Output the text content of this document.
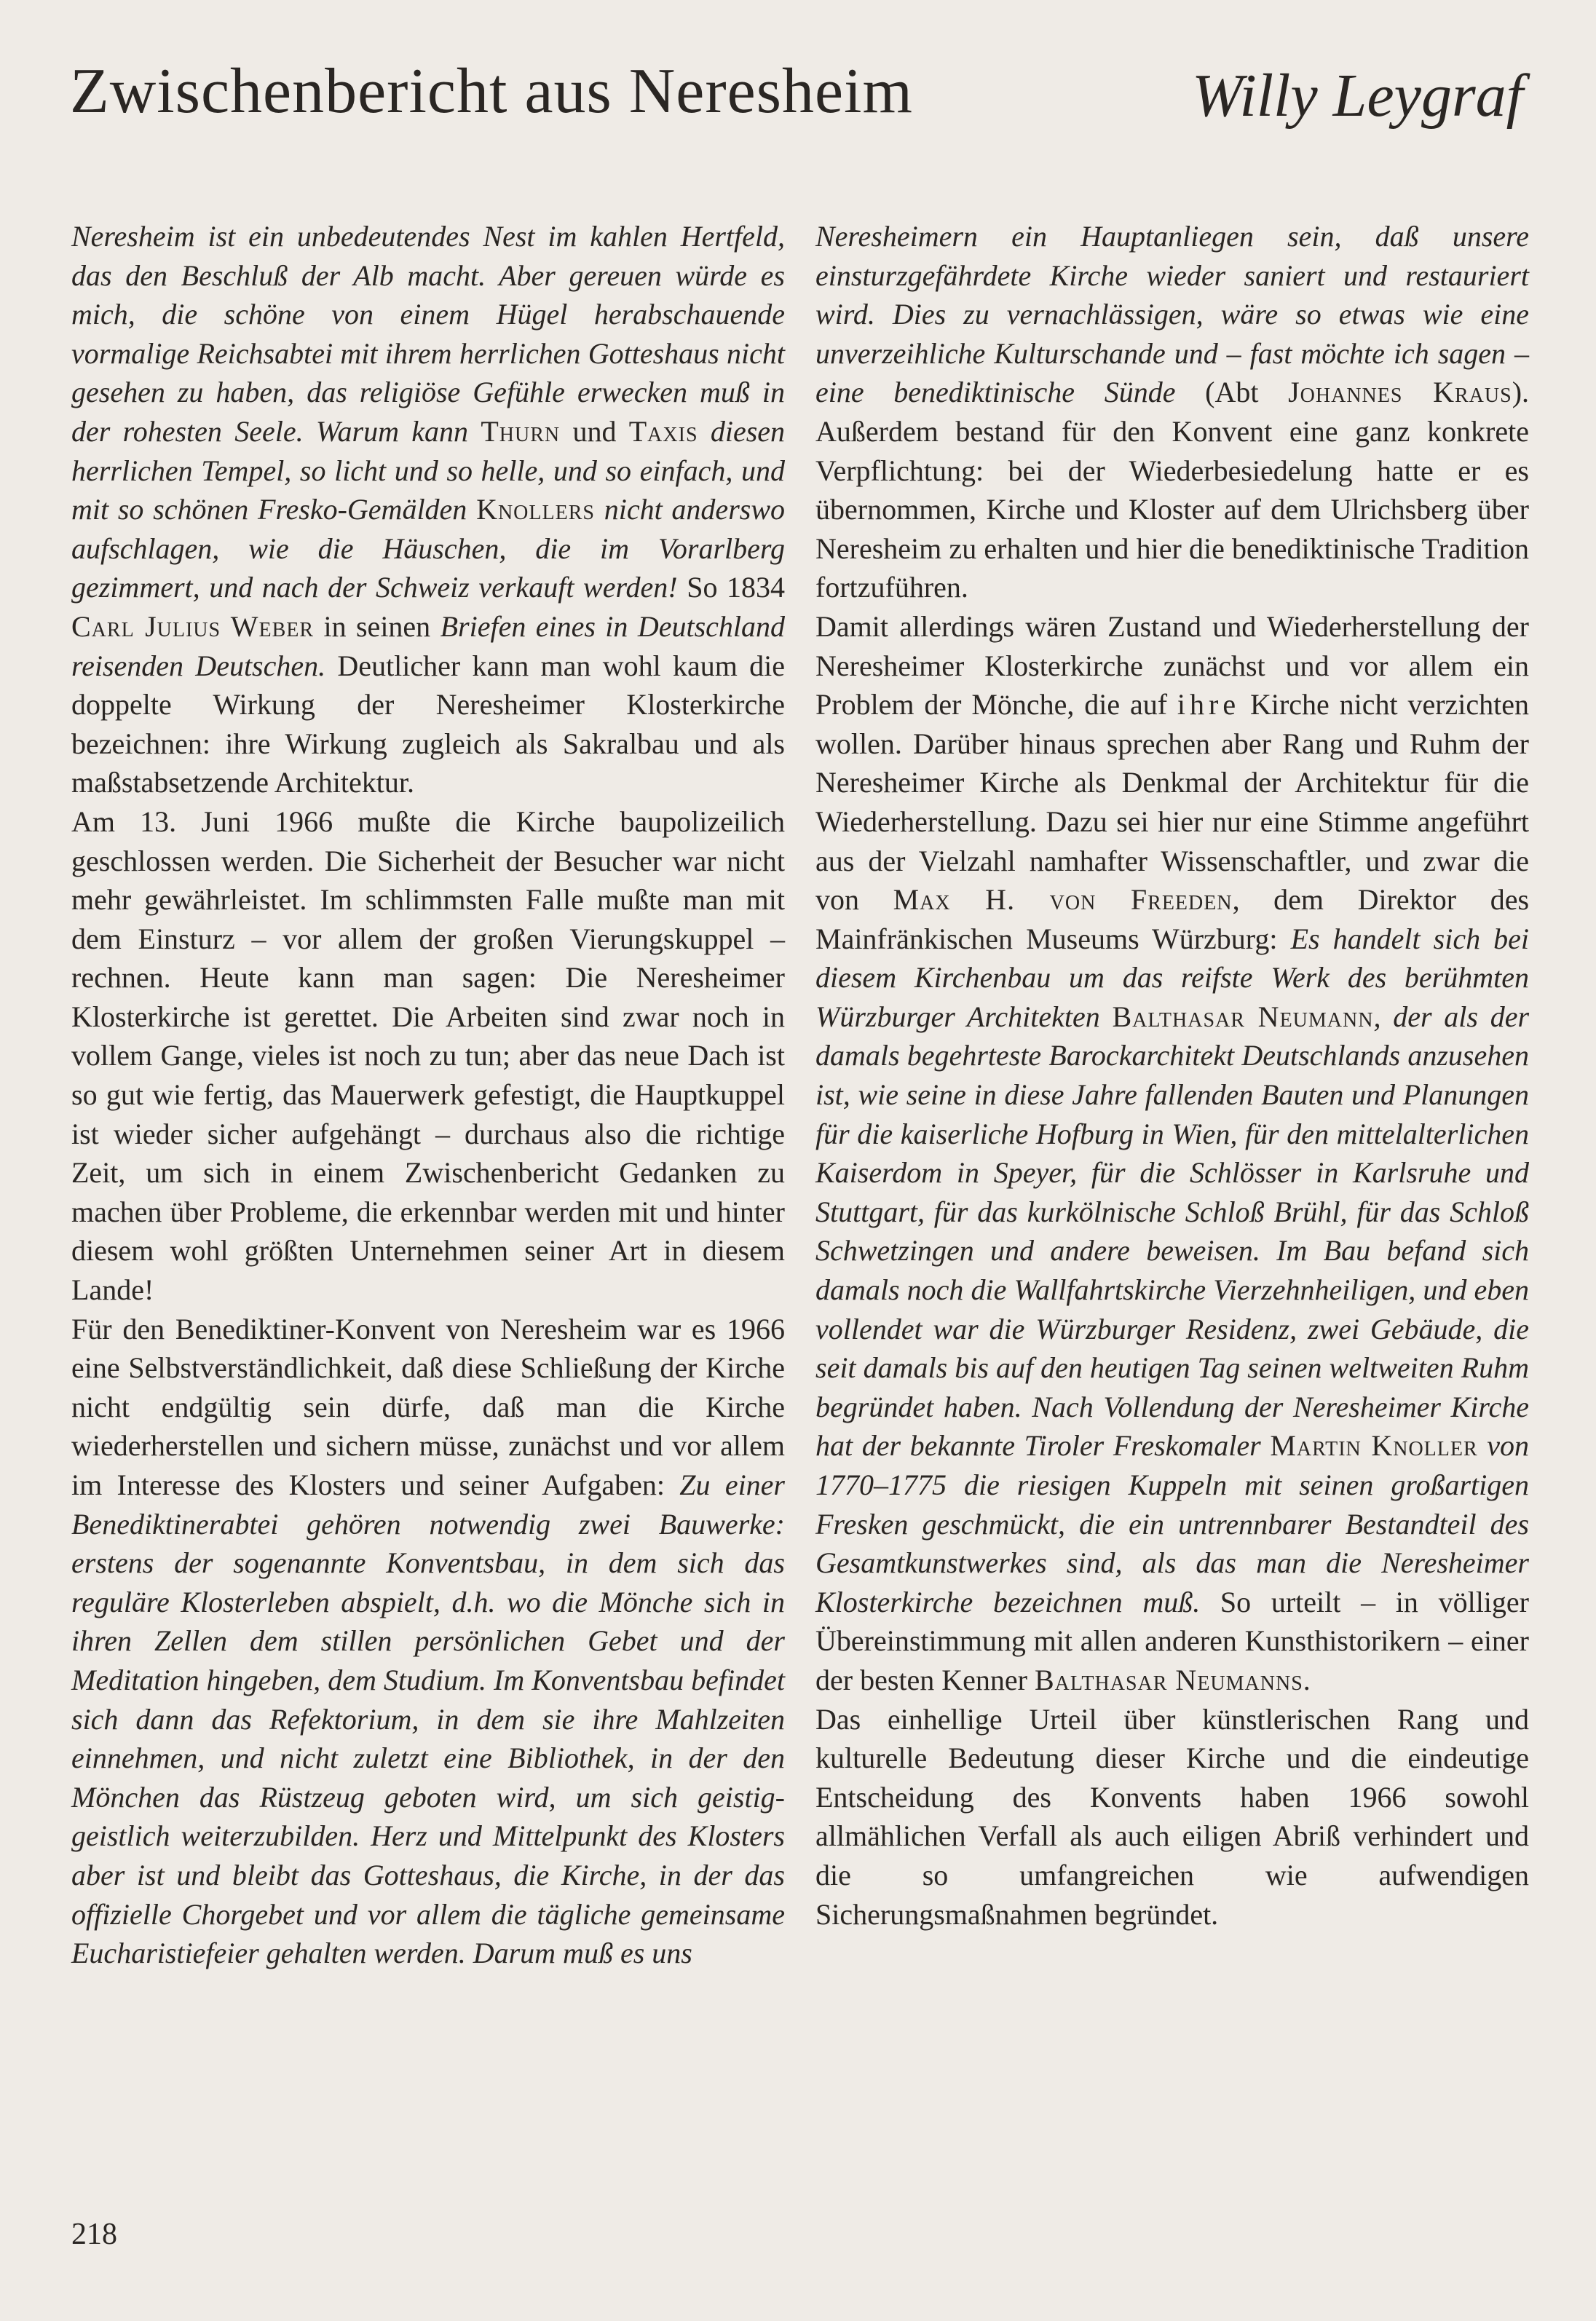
Zwischenbericht aus Neresheim	Willy Leygraf

Neresheim ist ein unbedeutendes Nest im kahlen Hertfeld, das den Beschluß der Alb macht. Aber gereuen würde es mich, die schöne von einem Hügel herabschauende vormalige Reichsabtei mit ihrem herrlichen Gotteshaus nicht gesehen zu haben, das religiöse Gefühle erwecken muß in der rohesten Seele. Warum kann Thurn und Taxis diesen herrlichen Tempel, so licht und so helle, und so einfach, und mit so schönen Fresko-Gemälden Knollers nicht anderswo aufschlagen, wie die Häuschen, die im Vorarlberg gezimmert, und nach der Schweiz verkauft werden! So 1834 Carl Julius Weber in seinen Briefen eines in Deutschland reisenden Deutschen. Deutlicher kann man wohl kaum die doppelte Wirkung der Neresheimer Klosterkirche bezeichnen: ihre Wirkung zugleich als Sakralbau und als maßstabsetzende Architektur.

Am 13. Juni 1966 mußte die Kirche baupolizeilich geschlossen werden. Die Sicherheit der Besucher war nicht mehr gewährleistet. Im schlimmsten Falle mußte man mit dem Einsturz – vor allem der großen Vierungskuppel – rechnen. Heute kann man sagen: Die Neresheimer Klosterkirche ist gerettet. Die Arbeiten sind zwar noch in vollem Gange, vieles ist noch zu tun; aber das neue Dach ist so gut wie fertig, das Mauerwerk gefestigt, die Hauptkuppel ist wieder sicher aufgehängt – durchaus also die richtige Zeit, um sich in einem Zwischenbericht Gedanken zu machen über Probleme, die erkennbar werden mit und hinter diesem wohl größten Unternehmen seiner Art in diesem Lande!

Für den Benediktiner-Konvent von Neresheim war es 1966 eine Selbstverständlichkeit, daß diese Schließung der Kirche nicht endgültig sein dürfe, daß man die Kirche wiederherstellen und sichern müsse, zunächst und vor allem im Interesse des Klosters und seiner Aufgaben: Zu einer Benediktinerabtei gehören notwendig zwei Bauwerke: erstens der sogenannte Konventsbau, in dem sich das reguläre Klosterleben abspielt, d.h. wo die Mönche sich in ihren Zellen dem stillen persönlichen Gebet und der Meditation hingeben, dem Studium. Im Konventsbau befindet sich dann das Refektorium, in dem sie ihre Mahlzeiten einnehmen, und nicht zuletzt eine Bibliothek, in der den Mönchen das Rüstzeug geboten wird, um sich geistig-geistlich weiterzubilden. Herz und Mittelpunkt des Klosters aber ist und bleibt das Gotteshaus, die Kirche, in der das offizielle Chorgebet und vor allem die tägliche gemeinsame Eucharistiefeier gehalten werden. Darum muß es uns

Neresheimern ein Hauptanliegen sein, daß unsere einsturzgefährdete Kirche wieder saniert und restauriert wird. Dies zu vernachlässigen, wäre so etwas wie eine unverzeihliche Kulturschande und – fast möchte ich sagen – eine benediktinische Sünde (Abt Johannes Kraus). Außerdem bestand für den Konvent eine ganz konkrete Verpflichtung: bei der Wiederbesiedelung hatte er es übernommen, Kirche und Kloster auf dem Ulrichsberg über Neresheim zu erhalten und hier die benediktinische Tradition fortzuführen.

Damit allerdings wären Zustand und Wiederherstellung der Neresheimer Klosterkirche zunächst und vor allem ein Problem der Mönche, die auf ihre Kirche nicht verzichten wollen. Darüber hinaus sprechen aber Rang und Ruhm der Neresheimer Kirche als Denkmal der Architektur für die Wiederherstellung. Dazu sei hier nur eine Stimme angeführt aus der Vielzahl namhafter Wissenschaftler, und zwar die von Max H. von Freeden, dem Direktor des Mainfränkischen Museums Würzburg: Es handelt sich bei diesem Kirchenbau um das reifste Werk des berühmten Würzburger Architekten Balthasar Neumann, der als der damals begehrteste Barockarchitekt Deutschlands anzusehen ist, wie seine in diese Jahre fallenden Bauten und Planungen für die kaiserliche Hofburg in Wien, für den mittelalterlichen Kaiserdom in Speyer, für die Schlösser in Karlsruhe und Stuttgart, für das kurkölnische Schloß Brühl, für das Schloß Schwetzingen und andere beweisen. Im Bau befand sich damals noch die Wallfahrtskirche Vierzehnheiligen, und eben vollendet war die Würzburger Residenz, zwei Gebäude, die seit damals bis auf den heutigen Tag seinen weltweiten Ruhm begründet haben. Nach Vollendung der Neresheimer Kirche hat der bekannte Tiroler Freskomaler Martin Knoller von 1770–1775 die riesigen Kuppeln mit seinen großartigen Fresken geschmückt, die ein untrennbarer Bestandteil des Gesamtkunstwerkes sind, als das man die Neresheimer Klosterkirche bezeichnen muß. So urteilt – in völliger Übereinstimmung mit allen anderen Kunsthistorikern – einer der besten Kenner Balthasar Neumanns.

Das einhellige Urteil über künstlerischen Rang und kulturelle Bedeutung dieser Kirche und die eindeutige Entscheidung des Konvents haben 1966 sowohl allmählichen Verfall als auch eiligen Abriß verhindert und die so umfangreichen wie aufwendigen Sicherungsmaßnahmen begründet.

218
